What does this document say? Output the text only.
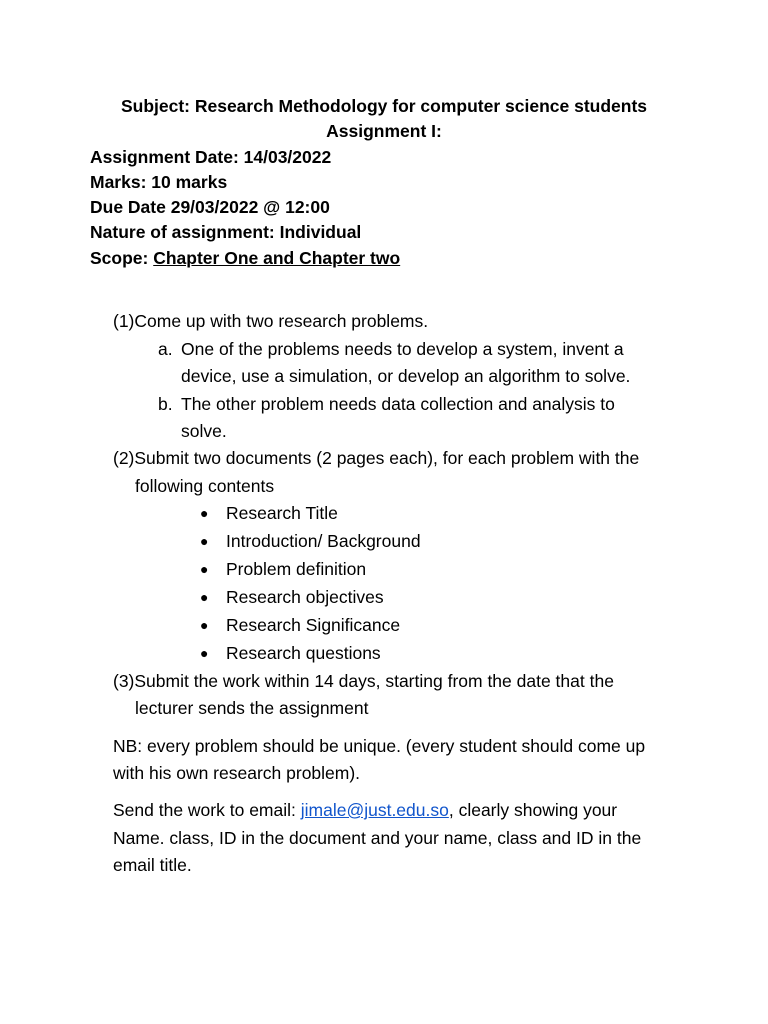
Subject: Research Methodology for computer science students
Assignment I:
Assignment Date: 14/03/2022
Marks: 10 marks
Due Date 29/03/2022 @ 12:00
Nature of assignment: Individual
Scope: Chapter One and Chapter two
(1)Come up with two research problems.
a. One of the problems needs to develop a system, invent a
device, use a simulation, or develop an algorithm to solve.
b. The other problem needs data collection and analysis to
solve.
(2)Submit two documents (2 pages each), for each problem with the
following contents
● Research Title
● Introduction/ Background
● Problem definition
● Research objectives
● Research Significance
● Research questions
(3)Submit the work within 14 days, starting from the date that the
lecturer sends the assignment
NB: every problem should be unique. (every student should come up
with his own research problem).
Send the work to email: jimale@just.edu.so, clearly showing your
Name. class, ID in the document and your name, class and ID in the
email title.
